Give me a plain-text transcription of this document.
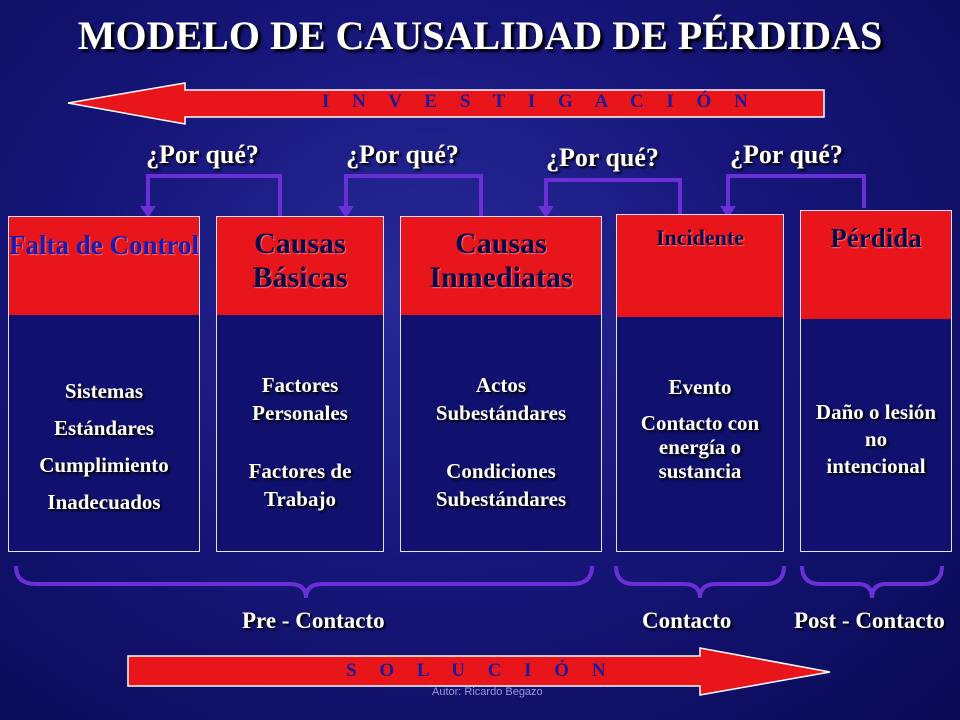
MODELO DE CAUSALIDAD DE PÉRDIDAS
I N V E S T I G A C I Ó N
S O L U C I Ó N
¿Por qué?	¿Por qué?	¿Por qué?	¿Por qué?
Falta de Control
Sistemas
Estándares
Cumplimiento
Inadecuados
Causas Básicas
Factores Personales
Factores de Trabajo
Causas Inmediatas
Actos Subestándares
Condiciones Subestándares
Incidente
Evento
Contacto con energía o sustancia
Pérdida
Daño o lesión no intencional
Pre - Contacto	Contacto	Post - Contacto
Autor: Ricardo Begazo
